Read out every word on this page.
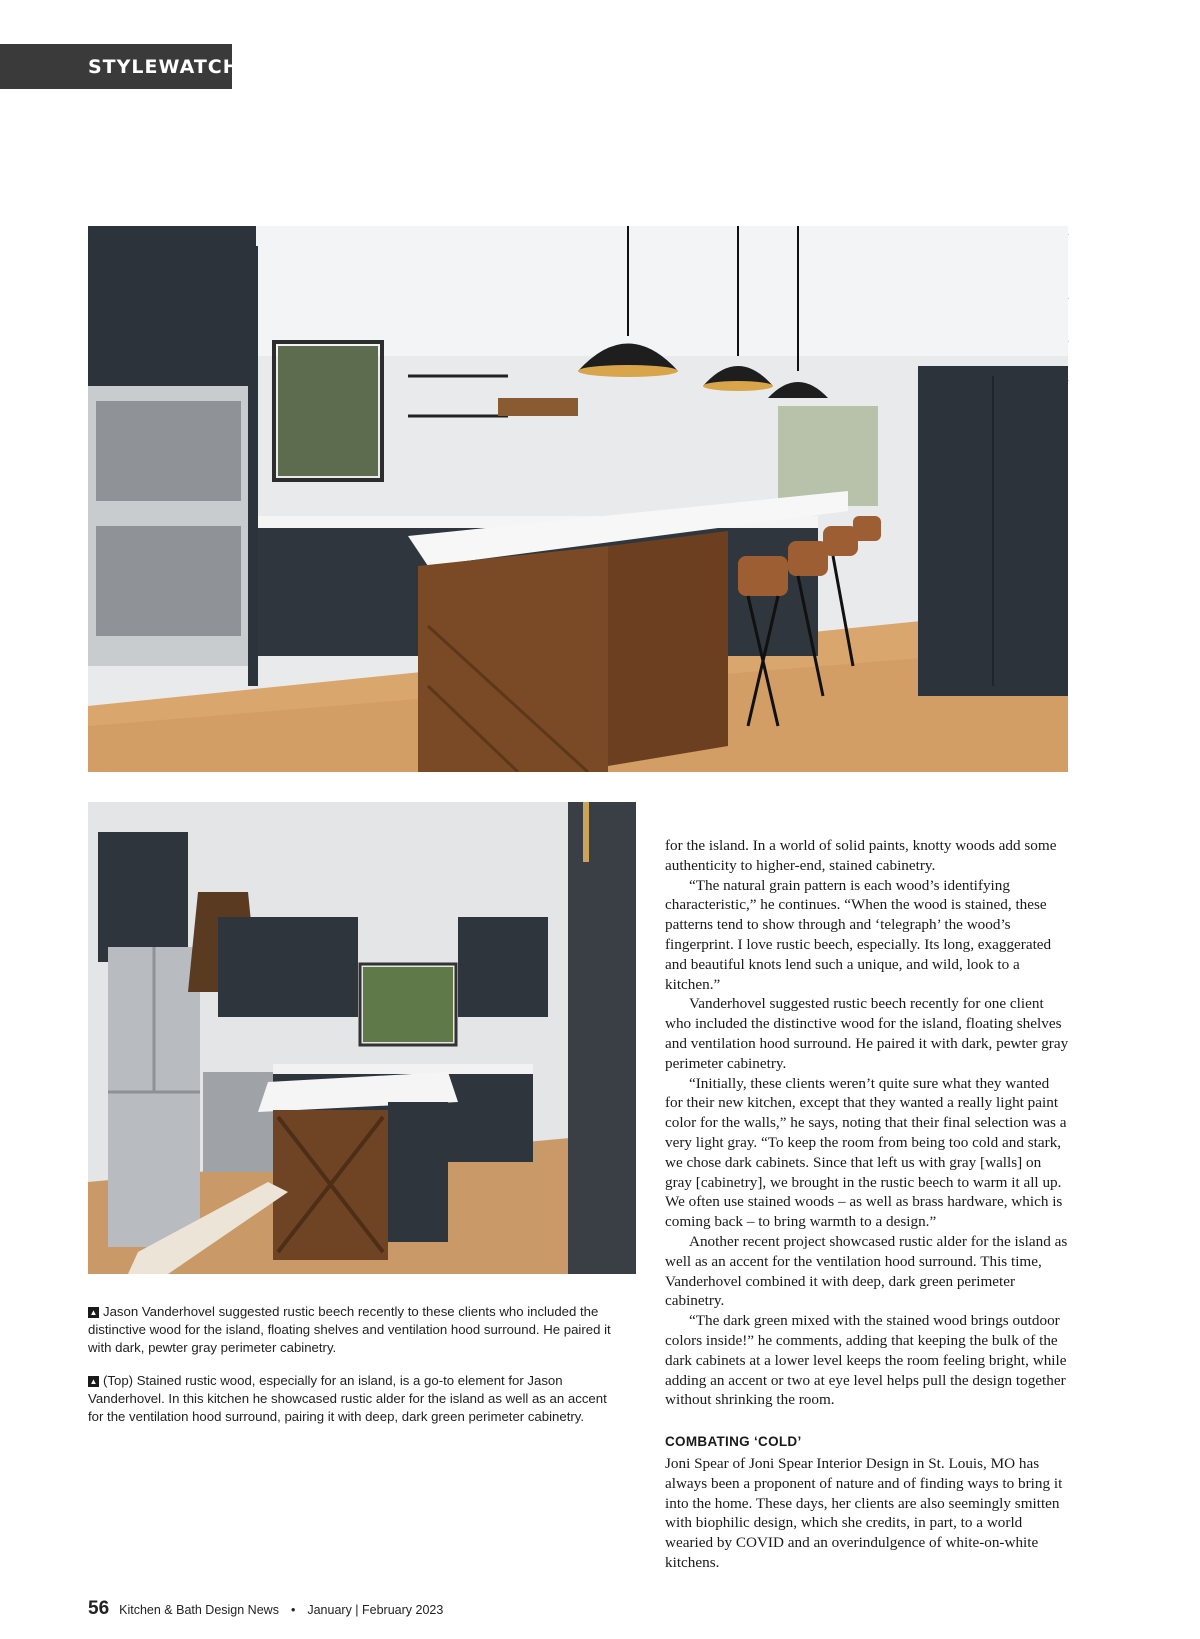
STYLEWATCH

▲ Jason Vanderhovel suggested rustic beech recently to these clients who included the distinctive wood for the island, floating shelves and ventilation hood surround. He paired it with dark, pewter gray perimeter cabinetry.

▲ (Top) Stained rustic wood, especially for an island, is a go-to element for Jason Vanderhovel. In this kitchen he showcased rustic alder for the island as well as an accent for the ventilation hood surround, pairing it with deep, dark green perimeter cabinetry.

for the island. In a world of solid paints, knotty woods add some authenticity to higher-end, stained cabinetry.

“The natural grain pattern is each wood’s identifying characteristic,” he continues. “When the wood is stained, these patterns tend to show through and ‘telegraph’ the wood’s fingerprint. I love rustic beech, especially. Its long, exaggerated and beautiful knots lend such a unique, and wild, look to a kitchen.”

Vanderhovel suggested rustic beech recently for one client who included the distinctive wood for the island, floating shelves and ventilation hood surround. He paired it with dark, pewter gray perimeter cabinetry.

“Initially, these clients weren’t quite sure what they wanted for their new kitchen, except that they wanted a really light paint color for the walls,” he says, noting that their final selection was a very light gray. “To keep the room from being too cold and stark, we chose dark cabinets. Since that left us with gray [walls] on gray [cabinetry], we brought in the rustic beech to warm it all up. We often use stained woods – as well as brass hardware, which is coming back – to bring warmth to a design.”

Another recent project showcased rustic alder for the island as well as an accent for the ventilation hood surround. This time, Vanderhovel combined it with deep, dark green perimeter cabinetry.

“The dark green mixed with the stained wood brings outdoor colors inside!” he comments, adding that keeping the bulk of the dark cabinets at a lower level keeps the room feeling bright, while adding an accent or two at eye level helps pull the design together without shrinking the room.

COMBATING ‘COLD’

Joni Spear of Joni Spear Interior Design in St. Louis, MO has always been a proponent of nature and of finding ways to bring it into the home. These days, her clients are also seemingly smitten with biophilic design, which she credits, in part, to a world wearied by COVID and an overindulgence of white-on-white kitchens.

56 Kitchen & Bath Design News • January | February 2023
